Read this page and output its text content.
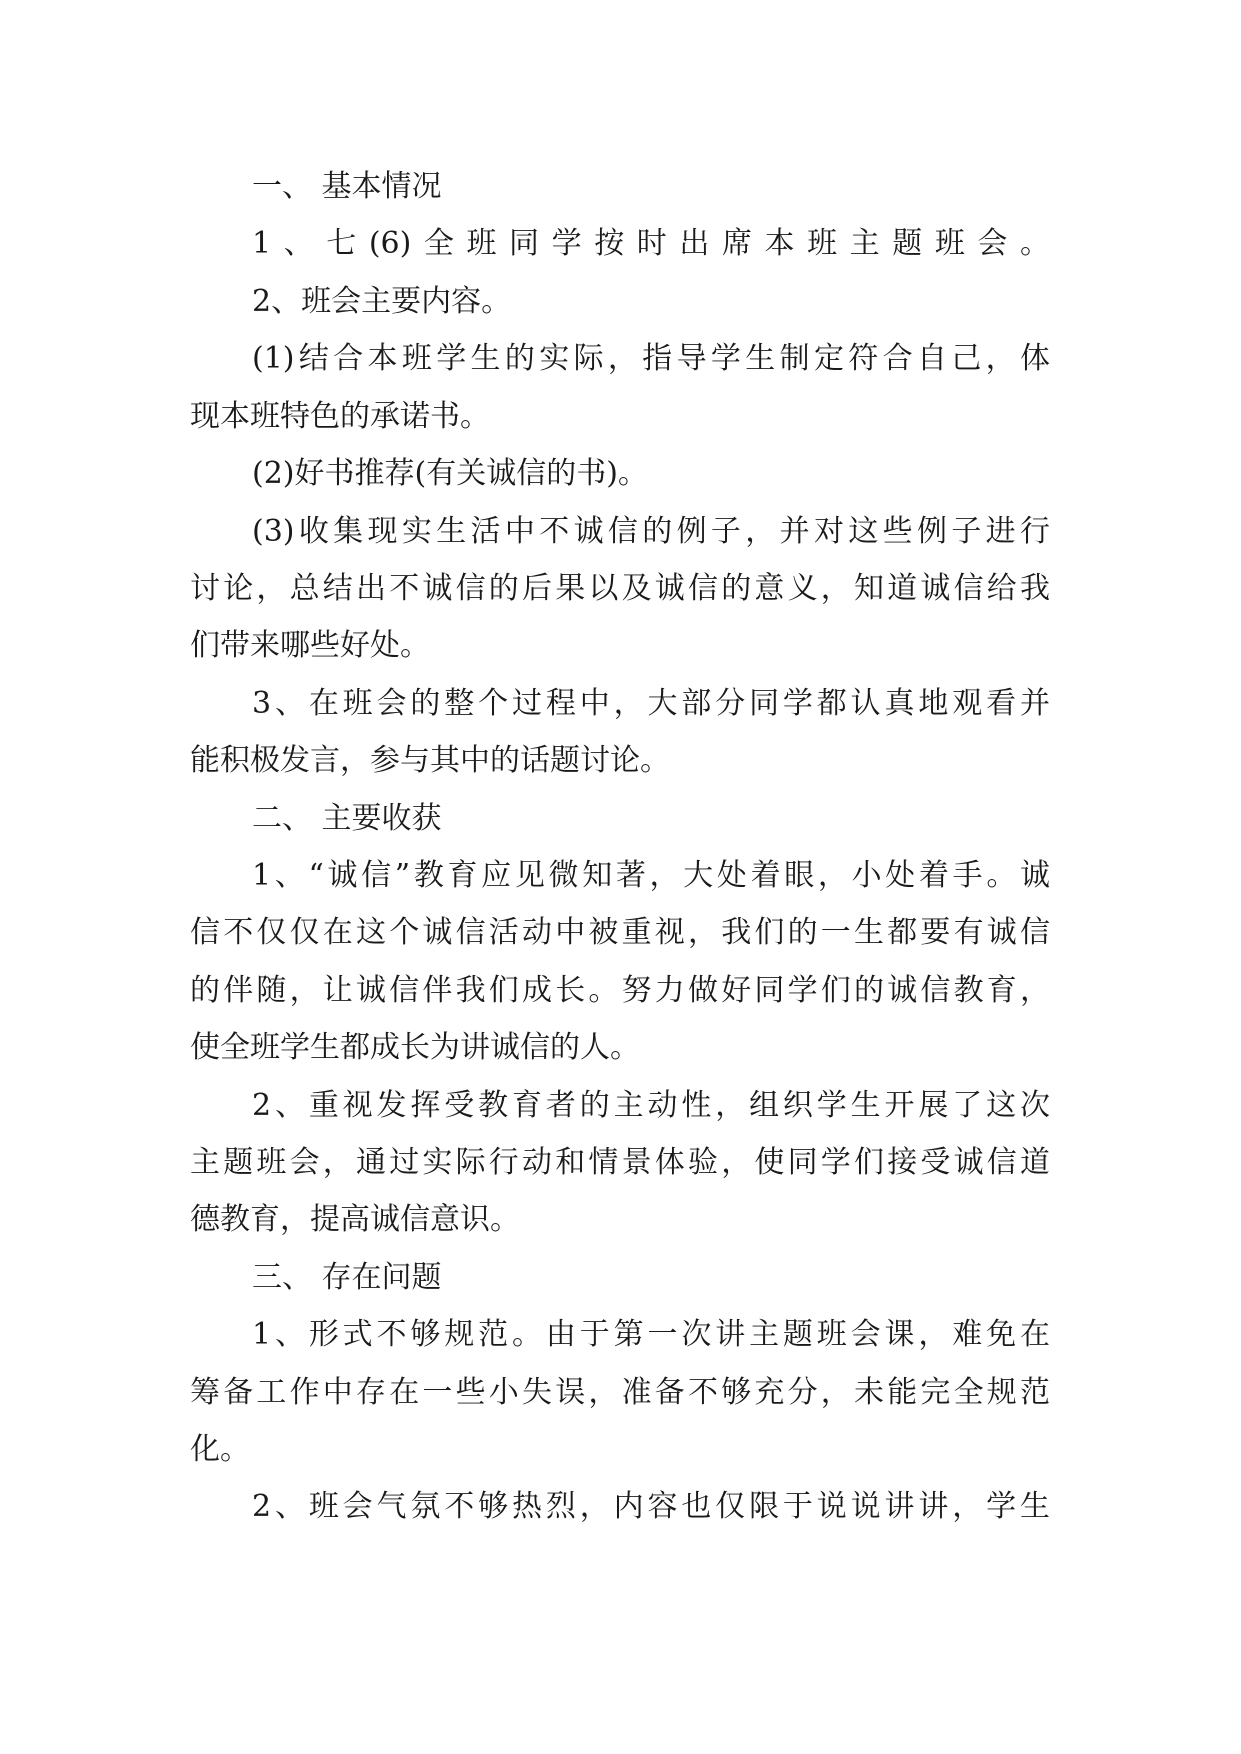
一、 基本情况

1、七(6)全班同学按时出席本班主题班会。

2、班会主要内容。

(1)结合本班学生的实际，指导学生制定符合自己，体

现本班特色的承诺书。

(2)好书推荐(有关诚信的书)。

(3)收集现实生活中不诚信的例子，并对这些例子进行

讨论，总结出不诚信的后果以及诚信的意义，知道诚信给我

们带来哪些好处。

3、在班会的整个过程中，大部分同学都认真地观看并

能积极发言，参与其中的话题讨论。

二、 主要收获

1、“诚信”教育应见微知著，大处着眼，小处着手。诚

信不仅仅在这个诚信活动中被重视，我们的一生都要有诚信

的伴随，让诚信伴我们成长。努力做好同学们的诚信教育，

使全班学生都成长为讲诚信的人。

2、重视发挥受教育者的主动性，组织学生开展了这次

主题班会，通过实际行动和情景体验，使同学们接受诚信道

德教育，提高诚信意识。

三、 存在问题

1、形式不够规范。由于第一次讲主题班会课，难免在

筹备工作中存在一些小失误，准备不够充分，未能完全规范

化。

2、班会气氛不够热烈，内容也仅限于说说讲讲，学生
